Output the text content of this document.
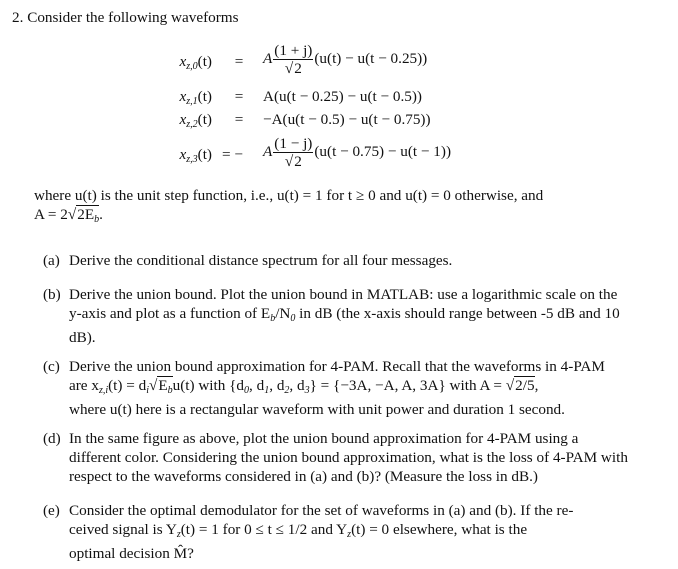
2. Consider the following waveforms
$x_{z,0}(t) = A \frac{(1 + j)}{√2} (u(t) - u(t - 0.25))$
$x_{z,1}(t) = A(u(t - 0.25) - u(t - 0.5))$
$x_{z,2}(t) = -A(u(t - 0.5) - u(t - 0.75))$
$x_{z,3}(t)$ = − A $\frac{(1 - j)}{√2} (u(t - 0.75) - u(t - 1))$
where u(t) is the unit step function, i.e., u(t) = 1 for t ≥ 0 and u(t) = 0 otherwise, and
$A = 2√2E_b$.
(a) Derive the conditional distance spectrum for all four messages.
(b) Derive the union bound. Plot the union bound in MATLAB: use a logarithmic scale on the y-axis and plot as a function of $E_b/N_0$ in dB (the x-axis should range between -5 dB and 10 dB).
(c) Derive the union bound approximation for 4-PAM. Recall that the waveforms in 4-PAM
are $x_{z,i}(t) = d_i√E_bu(t)$ with {$d_0$, $d_1$, $d_2$, $d_3\} = \{-3A$, −A, A, 3A} with A = √2/5,
where u(t) here is a rectangular waveform with unit power and duration 1 second.
(d) In the same figure as above, plot the union bound approximation for 4-PAM using a different color. Considering the union bound approximation, what is the loss of 4-PAM with respect to the waveforms considered in (a) and (b)? (Measure the loss in dB.)
(e) Consider the optimal demodulator for the set of waveforms in (a) and (b). If the re-
ceived signal is $Y_z(t) = 1$ for 0 ≤ t ≤ 1/2 and $Y_z(t) = 0$ elsewhere, what is the
optimal decision M̂?
